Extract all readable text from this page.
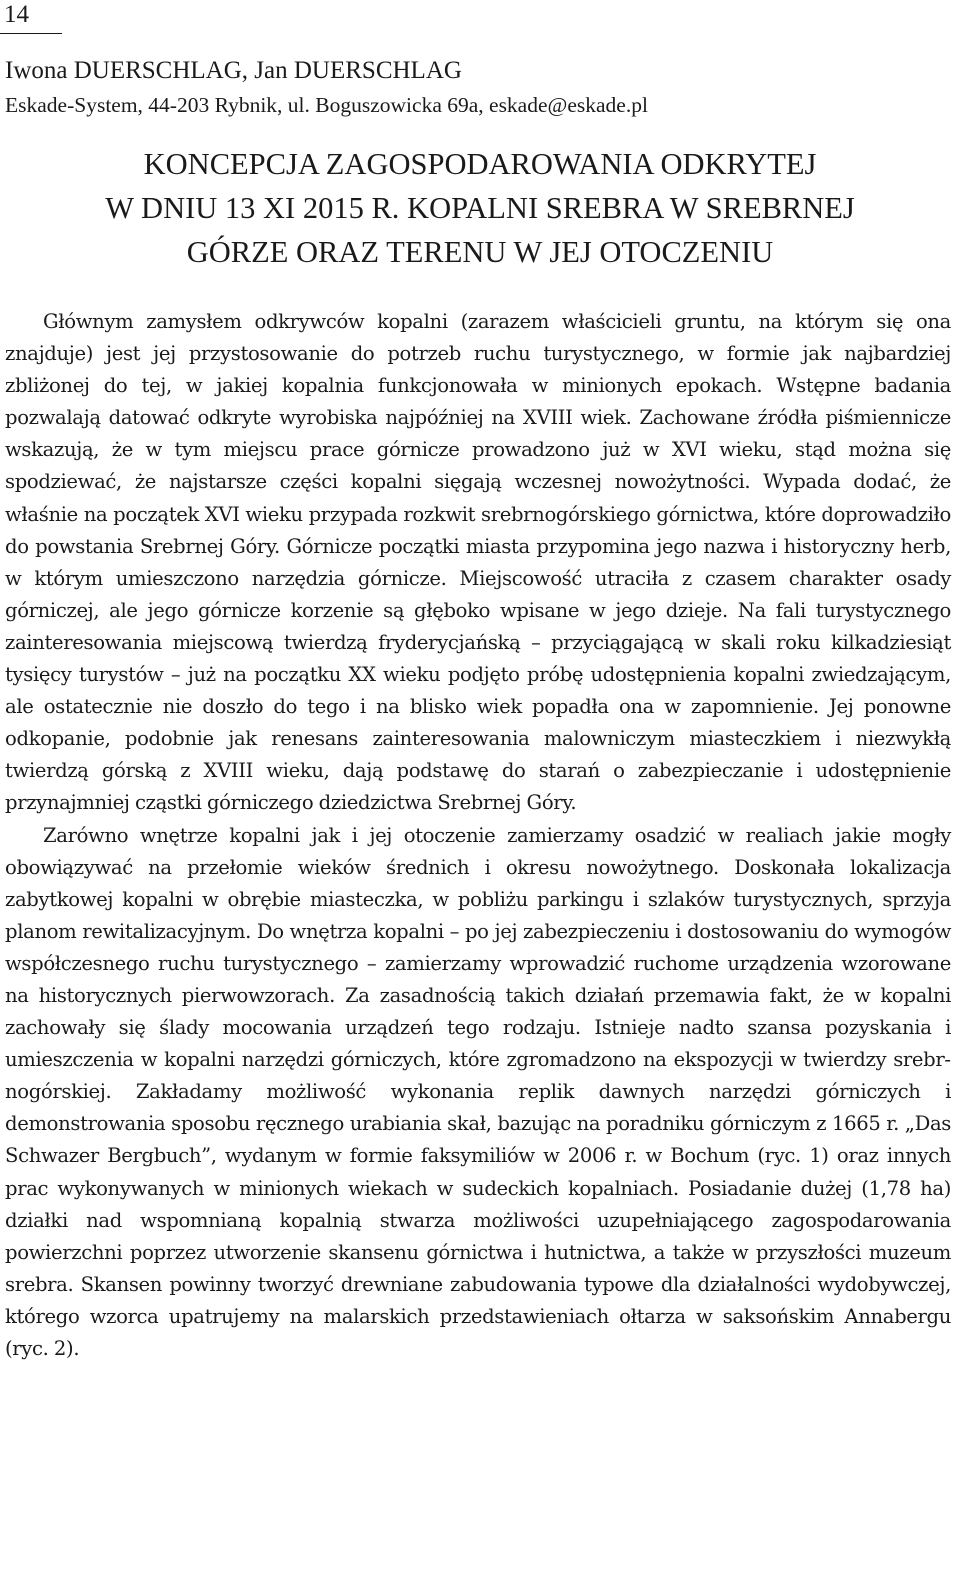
14
Iwona DUERSCHLAG, Jan DUERSCHLAG
Eskade-System, 44-203 Rybnik, ul. Boguszowicka 69a, eskade@eskade.pl
KONCEPCJA ZAGOSPODAROWANIA ODKRYTEJ
W DNIU 13 XI 2015 R. KOPALNI SREBRA W SREBRNEJ
GÓRZE ORAZ TERENU W JEJ OTOCZENIU

Głównym zamysłem odkrywców kopalni (zarazem właścicieli gruntu, na którym się ona znajduje) jest jej przystosowanie do potrzeb ruchu turystycznego, w formie jak najbardziej zbliżonej do tej, w jakiej kopalnia funkcjonowała w minionych epokach. Wstępne badania pozwalają datować odkryte wyrobiska najpóźniej na XVIII wiek. Zachowane źródła piśmiennicze wskazują, że w tym miejscu prace górnicze prowadzono już w XVI wieku, stąd można się spodziewać, że najstarsze części kopalni sięgają wczesnej nowożytności. Wypada dodać, że właśnie na początek XVI wieku przypada rozkwit srebrnogórskiego górnictwa, które doprowadziło do powstania Srebrnej Góry. Górnicze początki miasta przypomina jego nazwa i historyczny herb, w którym umieszczono narzędzia górnicze. Miejscowość utraciła z czasem charakter osady górniczej, ale jego górnicze korzenie są głęboko wpisane w jego dzieje. Na fali turystycznego zainteresowania miejscową twierdzą fryderycjańską – przyciągającą w skali roku kilkadziesiąt tysięcy turystów – już na początku XX wieku podjęto próbę udostępnienia kopalni zwiedzającym, ale ostatecznie nie doszło do tego i na blisko wiek popadła ona w zapomnienie. Jej ponowne odkopanie, podobnie jak renesans zainteresowania malowniczym miasteczkiem i niezwykłą twierdzą górską z XVIII wieku, dają podstawę do starań o zabezpieczanie i udostępnienie przynajmniej cząstki górniczego dziedzictwa Srebrnej Góry.

Zarówno wnętrze kopalni jak i jej otoczenie zamierzamy osadzić w realiach jakie mogły obowiązywać na przełomie wieków średnich i okresu nowożytnego. Doskonała lokalizacja zabytkowej kopalni w obrębie miasteczka, w pobliżu parkingu i szlaków turystycznych, sprzyja planom rewitalizacyjnym. Do wnętrza kopalni – po jej zabezpieczeniu i dostosowaniu do wymogów współczesnego ruchu turystycznego – zamierzamy wprowadzić ruchome urządzenia wzorowane na historycznych pierwowzorach. Za zasadnością takich działań przemawia fakt, że w kopalni zachowały się ślady mocowania urządzeń tego rodzaju. Istnieje nadto szansa pozyskania i umieszczenia w kopalni narzędzi górniczych, które zgromadzono na ekspozycji w twierdzy srebrnogórskiej. Zakładamy możliwość wykonania replik dawnych narzędzi górniczych i demonstrowania sposobu ręcznego urabiania skał, bazując na poradniku górniczym z 1665 r. „Das Schwazer Bergbuch”, wydanym w formie faksymiliów w 2006 r. w Bochum (ryc. 1) oraz innych prac wykonywanych w minionych wiekach w sudeckich kopalniach. Posiadanie dużej (1,78 ha) działki nad wspomnianą kopalnią stwarza możliwości uzupełniającego zagospodarowania powierzchni poprzez utworzenie skansenu górnictwa i hutnictwa, a także w przyszłości muzeum srebra. Skansen powinny tworzyć drewniane zabudowania typowe dla działalności wydobywczej, którego wzorca upatrujemy na malarskich przedstawieniach ołtarza w saksońskim Annabergu (ryc. 2).
